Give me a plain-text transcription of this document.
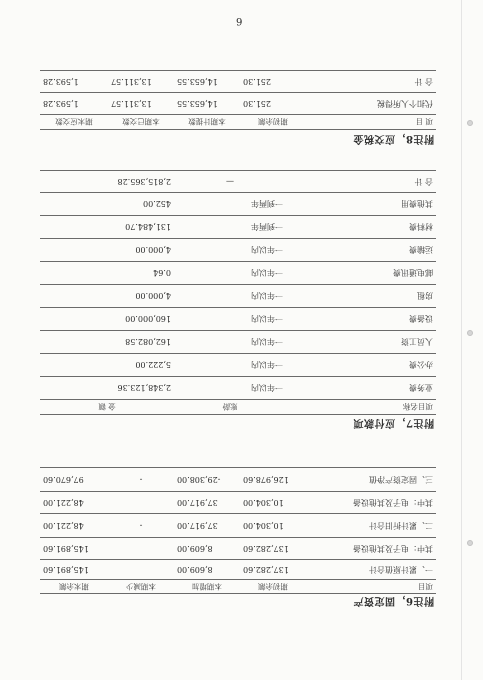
6
附注6，固定资产
项目	期初余额	本期增加	本期减少	期末余额
一、累计原值合计	137,282.60	8,609.00		145,891.60
其中：电子及其他设备	137,282.60	8,609.00		145,891.60
二、累计折旧合计	10,304.00	37,917.00	-	48,221.00
其中：电子及其他设备	10,304.00	37,917.00		48,221.00
三、固定资产净值	126,978.60	-29,308.00	-	97,670.60
附注7，应付款项
项目名称	账龄	金 额
业务费	一年以内	2,348,123.36
办公费	一年以内	5,222.00
人员工资	一年以内	162,082.58
设备费	一年以内	160,000.00
房租	一年以内	4,000.00
邮电通讯费	一年以内	0.64
运输费	一年以内	4,000.00
材料费	一到两年	131,484.70
其他费用	一到两年	452.00
合 计	—	2,815,365.28
附注8，应交税金
项 目	期初余额	本期计提数	本期已交数	期末应交数
代扣个人所得税	251.30	14,653.55	13,311.57	1,593.28
合 计	251.30	14,653.55	13,311.57	1,593.28
